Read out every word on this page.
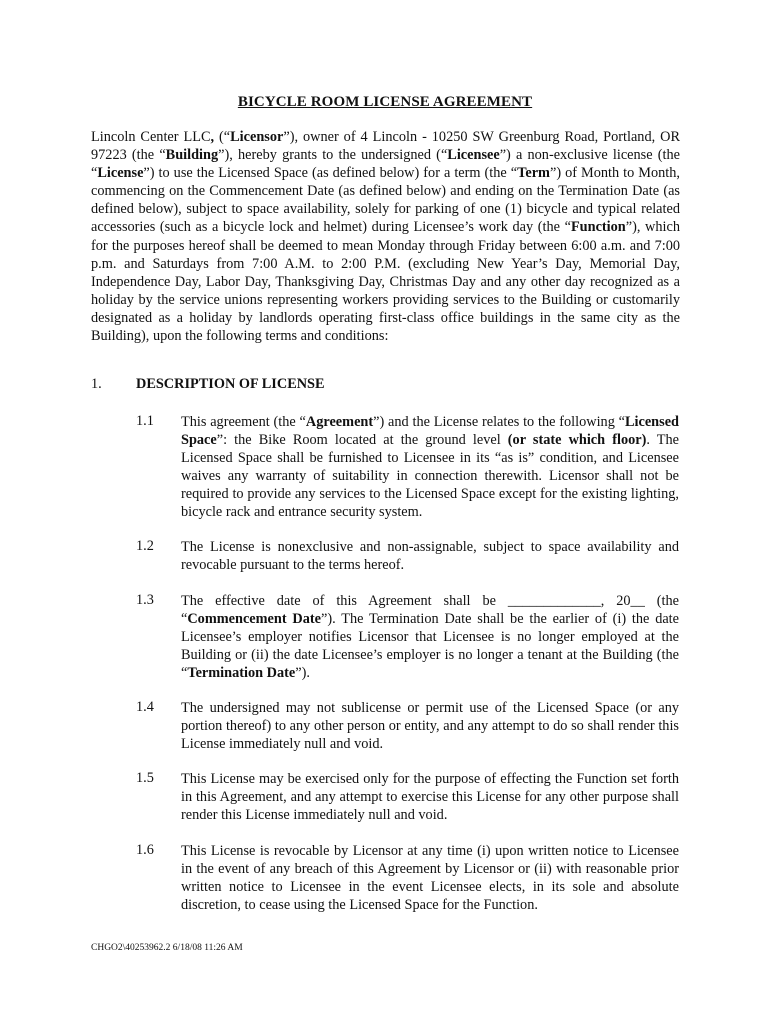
BICYCLE ROOM LICENSE AGREEMENT

Lincoln Center LLC, (“Licensor”), owner of 4 Lincoln - 10250 SW Greenburg Road, Portland, OR 97223 (the “Building”), hereby grants to the undersigned (“Licensee”) a non-exclusive license (the “License”) to use the Licensed Space (as defined below) for a term (the “Term”) of Month to Month, commencing on the Commencement Date (as defined below) and ending on the Termination Date (as defined below), subject to space availability, solely for parking of one (1) bicycle and typical related accessories (such as a bicycle lock and helmet) during Licensee’s work day (the “Function”), which for the purposes hereof shall be deemed to mean Monday through Friday between 6:00 a.m. and 7:00 p.m. and Saturdays from 7:00 A.M. to 2:00 P.M. (excluding New Year’s Day, Memorial Day, Independence Day, Labor Day, Thanksgiving Day, Christmas Day and any other day recognized as a holiday by the service unions representing workers providing services to the Building or customarily designated as a holiday by landlords operating first-class office buildings in the same city as the Building), upon the following terms and conditions:

1. DESCRIPTION OF LICENSE
1.1 This agreement (the “Agreement”) and the License relates to the following “Licensed Space”: the Bike Room located at the ground level (or state which floor). The Licensed Space shall be furnished to Licensee in its “as is” condition, and Licensee waives any warranty of suitability in connection therewith. Licensor shall not be required to provide any services to the Licensed Space except for the existing lighting, bicycle rack and entrance security system.

1.2 The License is nonexclusive and non-assignable, subject to space availability and revocable pursuant to the terms hereof.

1.3 The effective date of this Agreement shall be _____________, 20__ (the “Commencement Date”). The Termination Date shall be the earlier of (i) the date Licensee’s employer notifies Licensor that Licensee is no longer employed at the Building or (ii) the date Licensee’s employer is no longer a tenant at the Building (the “Termination Date”).

1.4 The undersigned may not sublicense or permit use of the Licensed Space (or any portion thereof) to any other person or entity, and any attempt to do so shall render this License immediately null and void.

1.5 This License may be exercised only for the purpose of effecting the Function set forth in this Agreement, and any attempt to exercise this License for any other purpose shall render this License immediately null and void.

1.6 This License is revocable by Licensor at any time (i) upon written notice to Licensee in the event of any breach of this Agreement by Licensor or (ii) with reasonable prior written notice to Licensee in the event Licensee elects, in its sole and absolute discretion, to cease using the Licensed Space for the Function.

CHGO2\40253962.2 6/18/08 11:26 AM
